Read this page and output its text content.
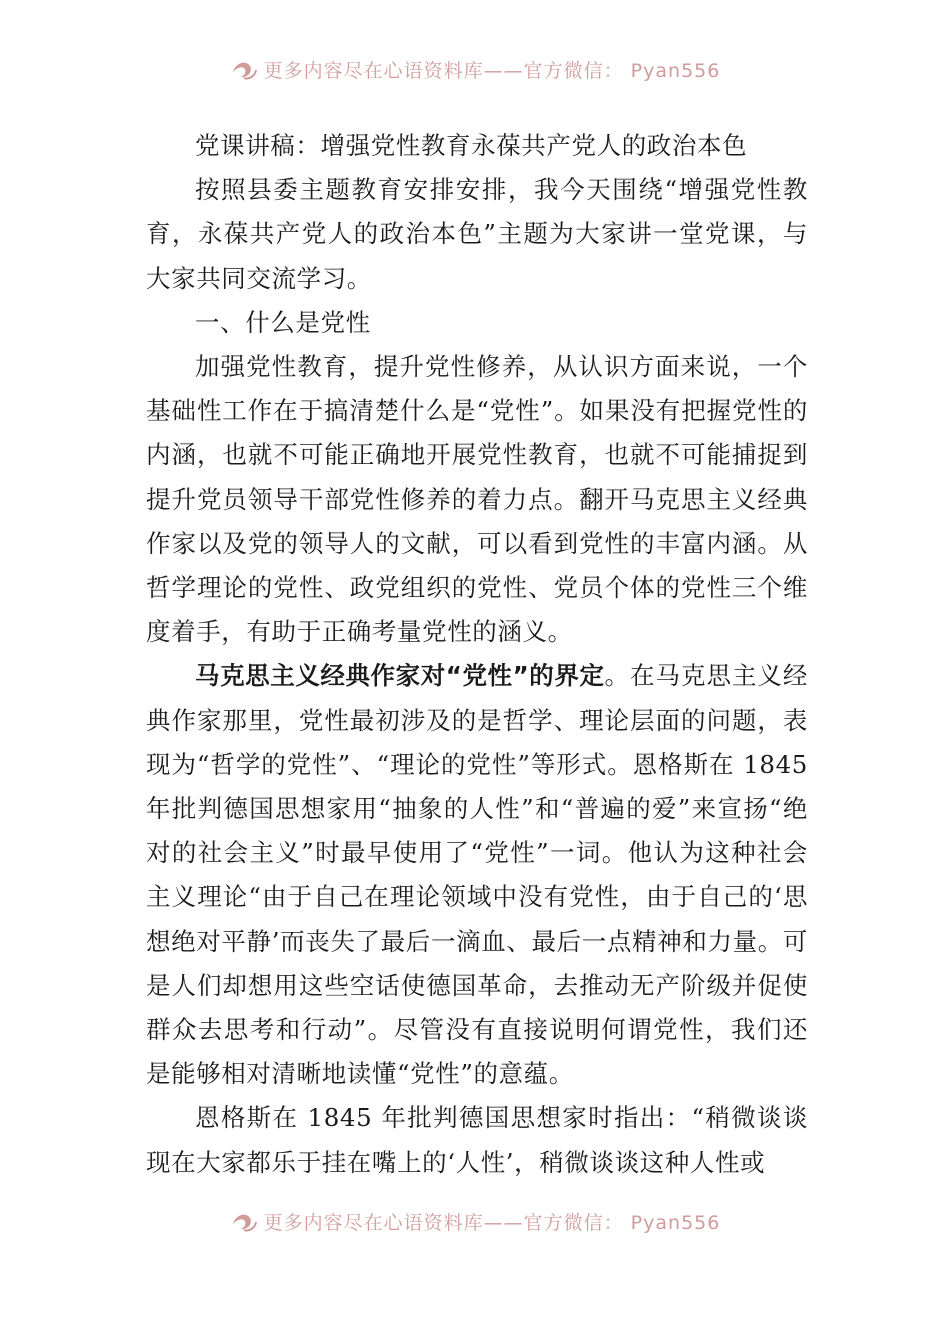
更多内容尽在心语资料库——官方微信： Pyan556

党课讲稿：增强党性教育永葆共产党人的政治本色

按照县委主题教育安排安排，我今天围绕“增强党性教育，永葆共产党人的政治本色”主题为大家讲一堂党课，与大家共同交流学习。

一、什么是党性

加强党性教育，提升党性修养，从认识方面来说，一个基础性工作在于搞清楚什么是“党性”。如果没有把握党性的内涵，也就不可能正确地开展党性教育，也就不可能捕捉到提升党员领导干部党性修养的着力点。翻开马克思主义经典作家以及党的领导人的文献，可以看到党性的丰富内涵。从哲学理论的党性、政党组织的党性、党员个体的党性三个维度着手，有助于正确考量党性的涵义。

马克思主义经典作家对“党性”的界定。在马克思主义经典作家那里，党性最初涉及的是哲学、理论层面的问题，表现为“哲学的党性”、“理论的党性”等形式。恩格斯在 1845 年批判德国思想家用“抽象的人性”和“普遍的爱”来宣扬“绝对的社会主义”时最早使用了“党性”一词。他认为这种社会主义理论“由于自己在理论领域中没有党性，由于自己的‘思想绝对平静’而丧失了最后一滴血、最后一点精神和力量。可是人们却想用这些空话使德国革命，去推动无产阶级并促使群众去思考和行动”。尽管没有直接说明何谓党性，我们还是能够相对清晰地读懂“党性”的意蕴。

恩格斯在 1845 年批判德国思想家时指出：“稍微谈谈现在大家都乐于挂在嘴上的‘人性’，稍微谈谈这种人性或

更多内容尽在心语资料库——官方微信： Pyan556
